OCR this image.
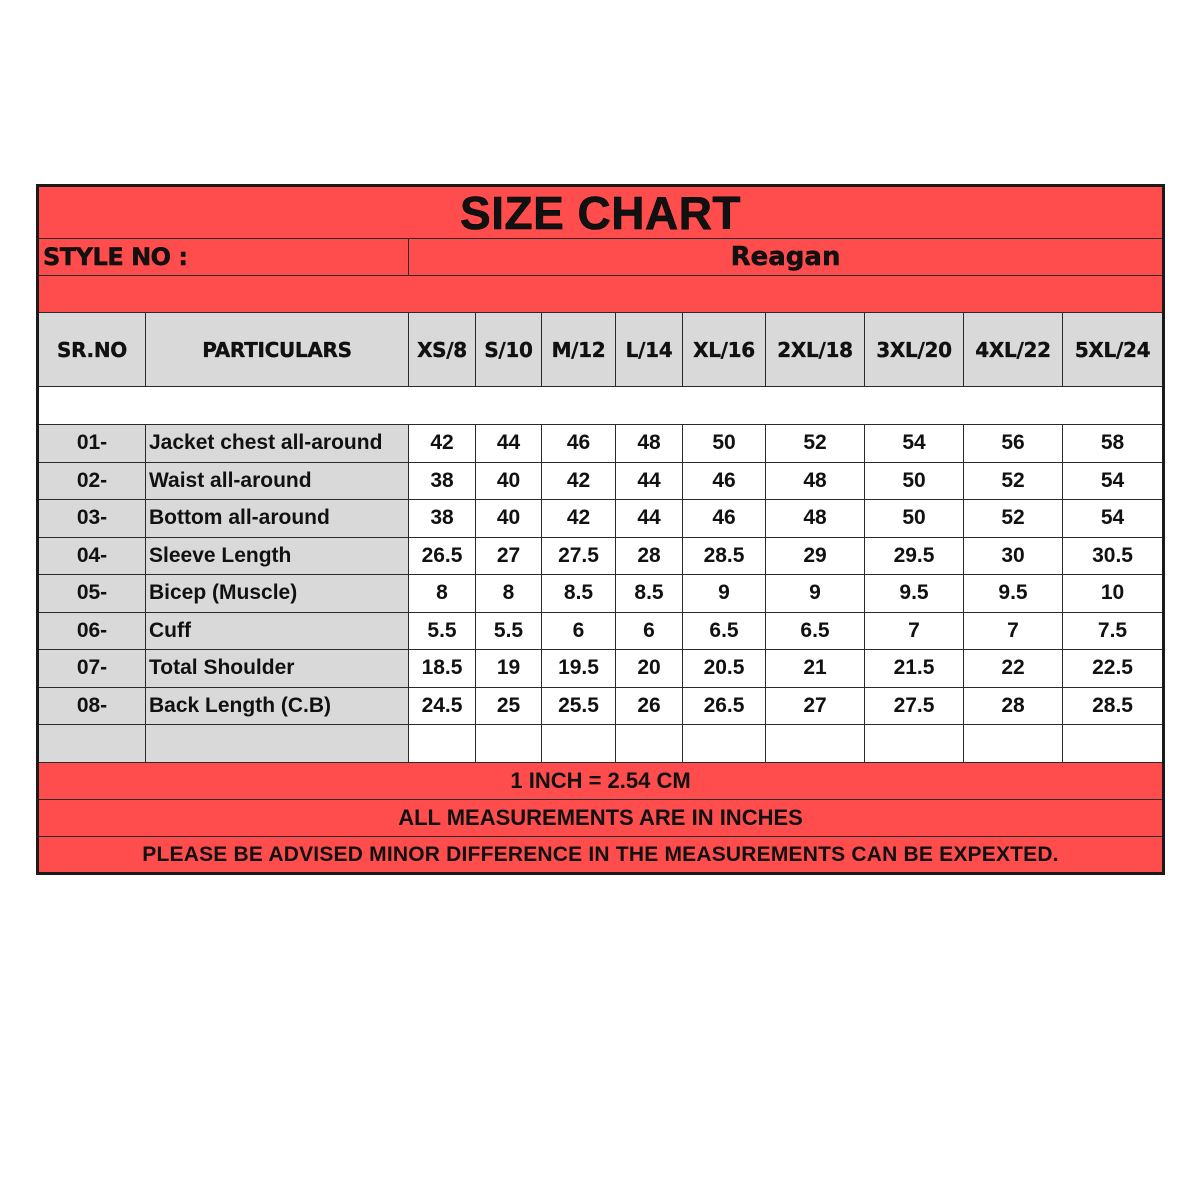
SIZE CHART										
STYLE NO :		Reagan								

SR.NO	PARTICULARS	XS/8	S/10	M/12	L/14	XL/16	2XL/18	3XL/20	4XL/22	5XL/24

01-	Jacket chest all-around	42	44	46	48	50	52	54	56	58
02-	Waist all-around	38	40	42	44	46	48	50	52	54
03-	Bottom all-around	38	40	42	44	46	48	50	52	54
04-	Sleeve Length	26.5	27	27.5	28	28.5	29	29.5	30	30.5
05-	Bicep (Muscle)	8	8	8.5	8.5	9	9	9.5	9.5	10
06-	Cuff	5.5	5.5	6	6	6.5	6.5	7	7	7.5
07-	Total Shoulder	18.5	19	19.5	20	20.5	21	21.5	22	22.5
08-	Back Length (C.B)	24.5	25	25.5	26	26.5	27	27.5	28	28.5

1 INCH = 2.54 CM										
ALL MEASUREMENTS ARE IN INCHES										
PLEASE BE ADVISED MINOR DIFFERENCE IN THE MEASUREMENTS CAN BE EXPEXTED.										
